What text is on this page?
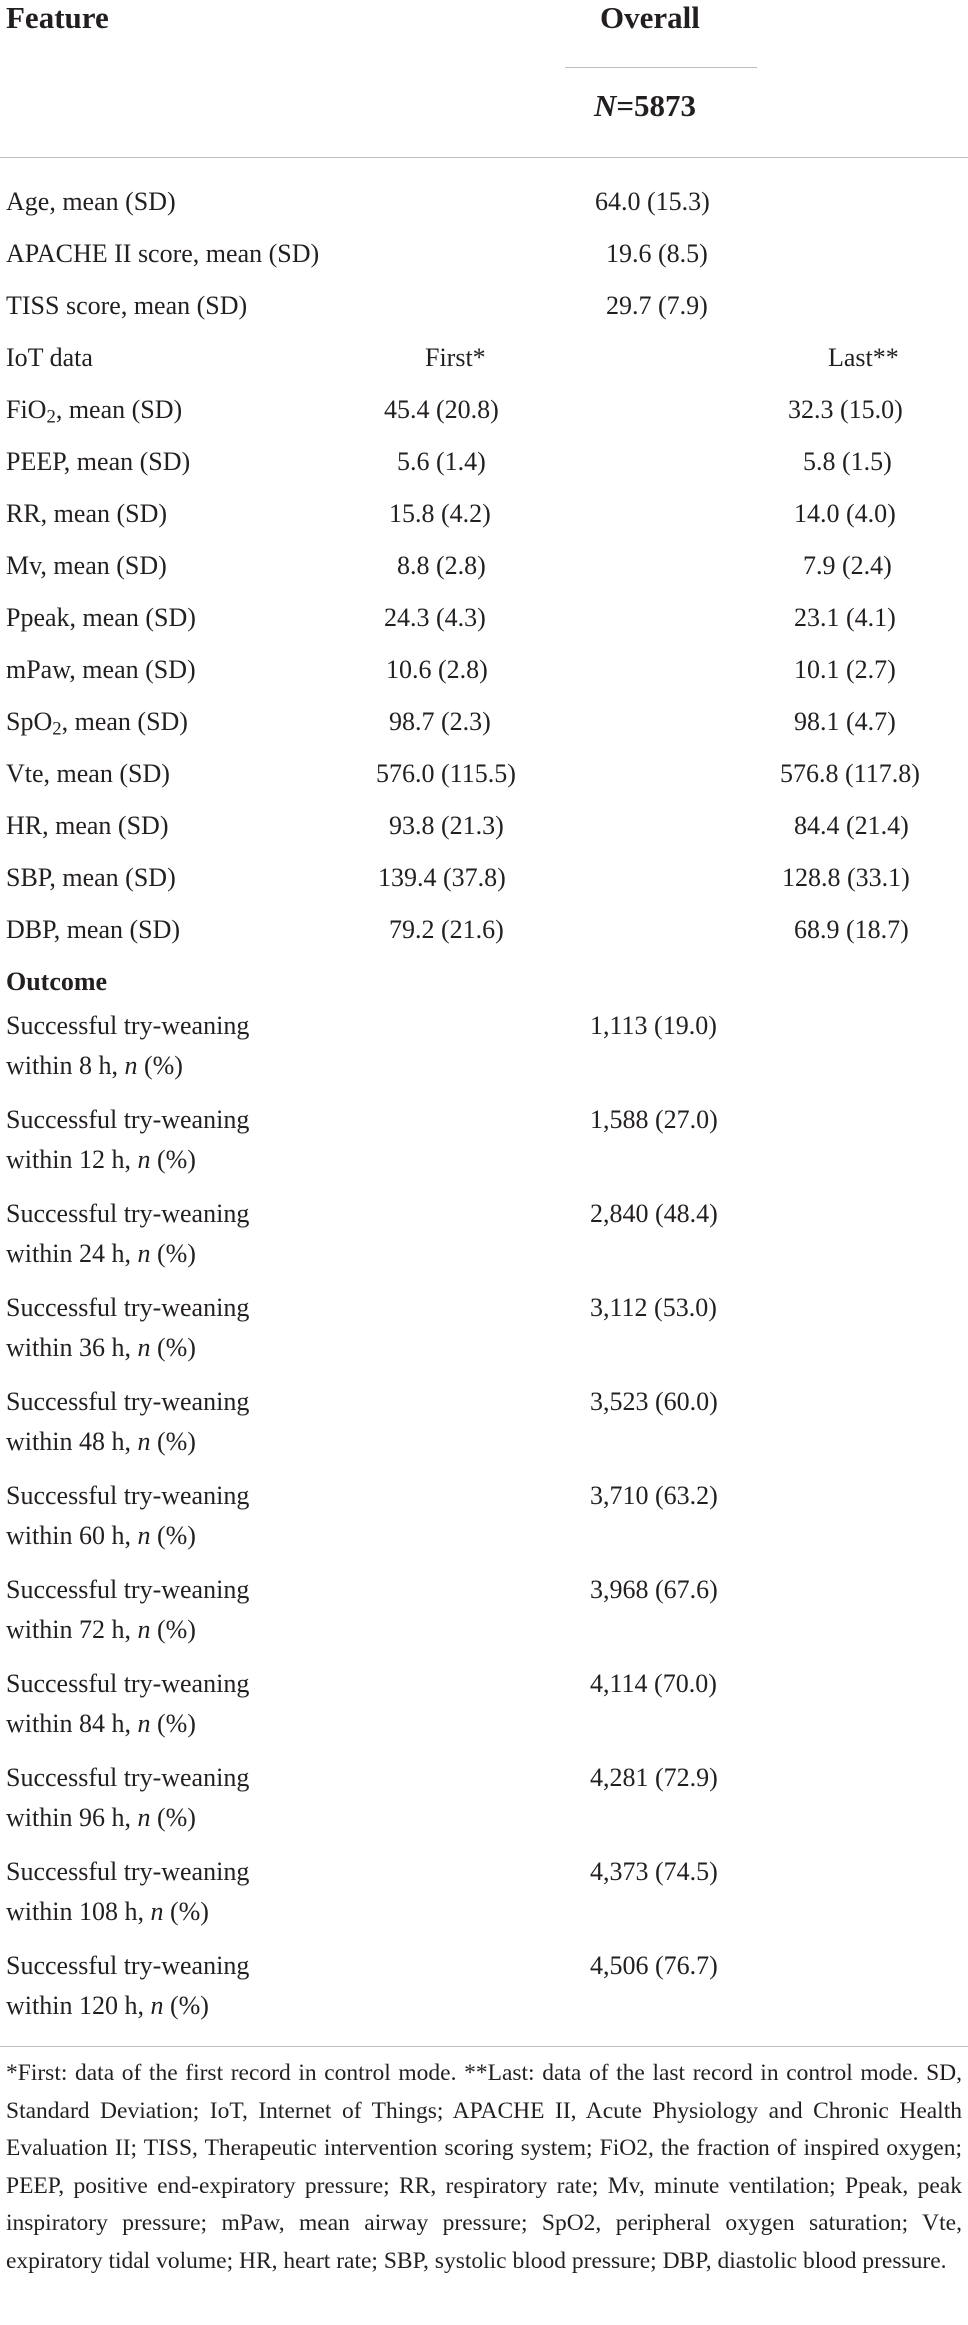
Feature	Overall
N=5873
Age, mean (SD)	64.0 (15.3)
APACHE II score, mean (SD)	19.6 (8.5)
TISS score, mean (SD)	29.7 (7.9)
IoT data	First*	Last**
FiO$_2$, mean (SD)	45.4 (20.8)	32.3 (15.0)
PEEP, mean (SD)	5.6 (1.4)	5.8 (1.5)
RR, mean (SD)	15.8 (4.2)	14.0 (4.0)
Mv, mean (SD)	8.8 (2.8)	7.9 (2.4)
Ppeak, mean (SD)	24.3 (4.3)	23.1 (4.1)
mPaw, mean (SD)	10.6 (2.8)	10.1 (2.7)
SpO$_2$, mean (SD)	98.7 (2.3)	98.1 (4.7)
Vte, mean (SD)	576.0 (115.5)	576.8 (117.8)
HR, mean (SD)	93.8 (21.3)	84.4 (21.4)
SBP, mean (SD)	139.4 (37.8)	128.8 (33.1)
DBP, mean (SD)	79.2 (21.6)	68.9 (18.7)
Outcome
Successful try-weaning
within 8 h, n (%)
1,113 (19.0)
Successful try-weaning
within 12 h, n (%)
1,588 (27.0)
Successful try-weaning
within 24 h, n (%)
2,840 (48.4)
Successful try-weaning
within 36 h, n (%)
3,112 (53.0)
Successful try-weaning
within 48 h, n (%)
3,523 (60.0)
Successful try-weaning
within 60 h, n (%)
3,710 (63.2)
Successful try-weaning
within 72 h, n (%)
3,968 (67.6)
Successful try-weaning
within 84 h, n (%)
4,114 (70.0)
Successful try-weaning
within 96 h, n (%)
4,281 (72.9)
Successful try-weaning
within 108 h, n (%)
4,373 (74.5)
Successful try-weaning
within 120 h, n (%)
4,506 (76.7)
*First: data of the first record in control mode. **Last: data of the last record in control mode. SD, Standard Deviation; IoT, Internet of Things; APACHE II, Acute Physiology and Chronic Health Evaluation II; TISS, Therapeutic intervention scoring system; FiO2, the fraction of inspired oxygen; PEEP, positive end-expiratory pressure; RR, respiratory rate; Mv, minute ventilation; Ppeak, peak inspiratory pressure; mPaw, mean airway pressure; SpO2, peripheral oxygen saturation; Vte, expiratory tidal volume; HR, heart rate; SBP, systolic blood pressure; DBP, diastolic blood pressure.
